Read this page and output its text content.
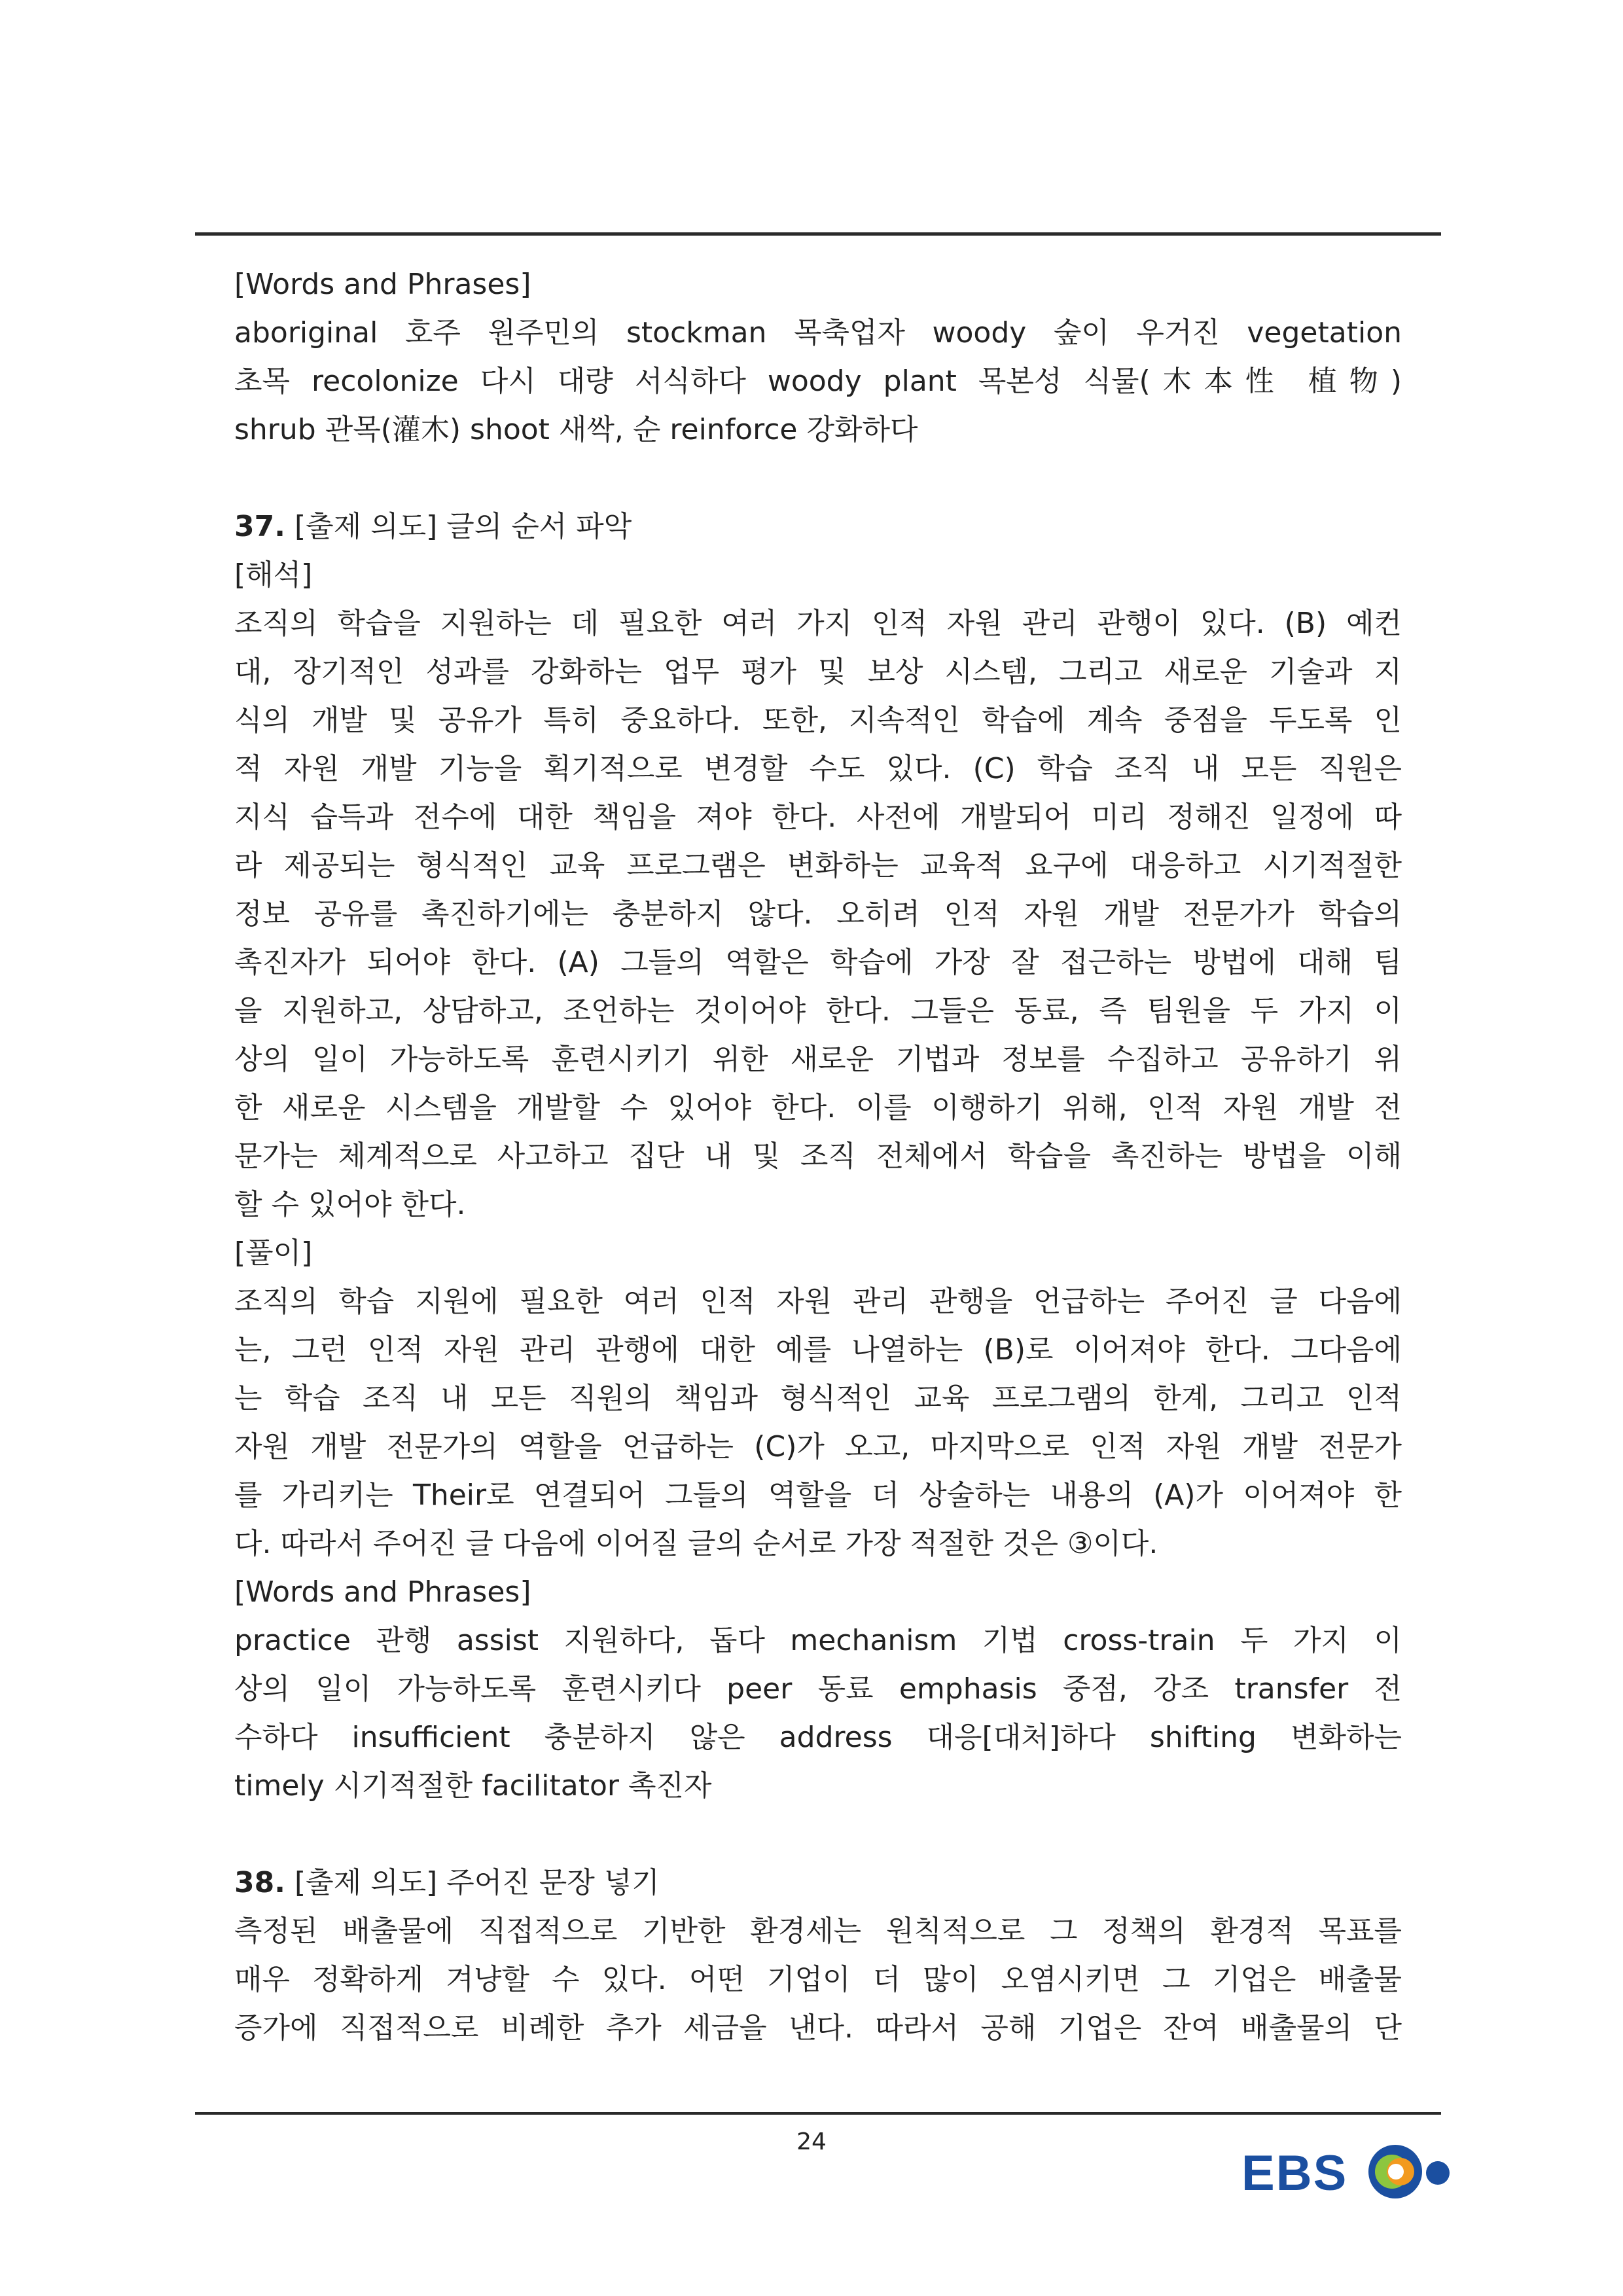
[Words and Phrases]
aboriginal 호주 원주민의 stockman 목축업자 woody 숲이 우거진 vegetation
초목 recolonize 다시 대량 서식하다 woody plant 목본성 식물(木本性 植物)
shrub 관목(灌木) shoot 새싹, 순 reinforce 강화하다
37. [출제 의도] 글의 순서 파악
[해석]
조직의 학습을 지원하는 데 필요한 여러 가지 인적 자원 관리 관행이 있다. (B) 예컨
대, 장기적인 성과를 강화하는 업무 평가 및 보상 시스템, 그리고 새로운 기술과 지
식의 개발 및 공유가 특히 중요하다. 또한, 지속적인 학습에 계속 중점을 두도록 인
적 자원 개발 기능을 획기적으로 변경할 수도 있다. (C) 학습 조직 내 모든 직원은
지식 습득과 전수에 대한 책임을 져야 한다. 사전에 개발되어 미리 정해진 일정에 따
라 제공되는 형식적인 교육 프로그램은 변화하는 교육적 요구에 대응하고 시기적절한
정보 공유를 촉진하기에는 충분하지 않다. 오히려 인적 자원 개발 전문가가 학습의
촉진자가 되어야 한다. (A) 그들의 역할은 학습에 가장 잘 접근하는 방법에 대해 팀
을 지원하고, 상담하고, 조언하는 것이어야 한다. 그들은 동료, 즉 팀원을 두 가지 이
상의 일이 가능하도록 훈련시키기 위한 새로운 기법과 정보를 수집하고 공유하기 위
한 새로운 시스템을 개발할 수 있어야 한다. 이를 이행하기 위해, 인적 자원 개발 전
문가는 체계적으로 사고하고 집단 내 및 조직 전체에서 학습을 촉진하는 방법을 이해
할 수 있어야 한다.
[풀이]
조직의 학습 지원에 필요한 여러 인적 자원 관리 관행을 언급하는 주어진 글 다음에
는, 그런 인적 자원 관리 관행에 대한 예를 나열하는 (B)로 이어져야 한다. 그다음에
는 학습 조직 내 모든 직원의 책임과 형식적인 교육 프로그램의 한계, 그리고 인적
자원 개발 전문가의 역할을 언급하는 (C)가 오고, 마지막으로 인적 자원 개발 전문가
를 가리키는 Their로 연결되어 그들의 역할을 더 상술하는 내용의 (A)가 이어져야 한
다. 따라서 주어진 글 다음에 이어질 글의 순서로 가장 적절한 것은 ③이다.
[Words and Phrases]
practice 관행 assist 지원하다, 돕다 mechanism 기법 cross-train 두 가지 이
상의 일이 가능하도록 훈련시키다 peer 동료 emphasis 중점, 강조 transfer 전
수하다 insufficient 충분하지 않은 address 대응[대처]하다 shifting 변화하는
timely 시기적절한 facilitator 촉진자
38. [출제 의도] 주어진 문장 넣기
측정된 배출물에 직접적으로 기반한 환경세는 원칙적으로 그 정책의 환경적 목표를
매우 정확하게 겨냥할 수 있다. 어떤 기업이 더 많이 오염시키면 그 기업은 배출물
증가에 직접적으로 비례한 추가 세금을 낸다. 따라서 공해 기업은 잔여 배출물의 단
24
EBS
